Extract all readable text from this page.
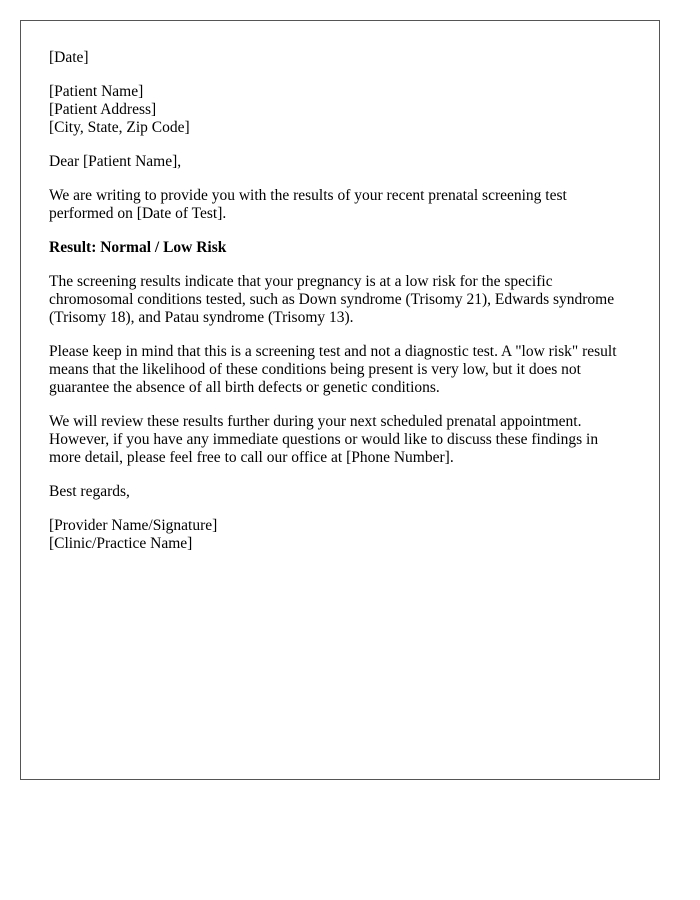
[Date]
[Patient Name]
[Patient Address]
[City, State, Zip Code]
Dear [Patient Name],
We are writing to provide you with the results of your recent prenatal screening test performed on [Date of Test].
Result: Normal / Low Risk
The screening results indicate that your pregnancy is at a low risk for the specific chromosomal conditions tested, such as Down syndrome (Trisomy 21), Edwards syndrome (Trisomy 18), and Patau syndrome (Trisomy 13).
Please keep in mind that this is a screening test and not a diagnostic test. A "low risk" result means that the likelihood of these conditions being present is very low, but it does not guarantee the absence of all birth defects or genetic conditions.
We will review these results further during your next scheduled prenatal appointment. However, if you have any immediate questions or would like to discuss these findings in more detail, please feel free to call our office at [Phone Number].
Best regards,
[Provider Name/Signature]
[Clinic/Practice Name]
